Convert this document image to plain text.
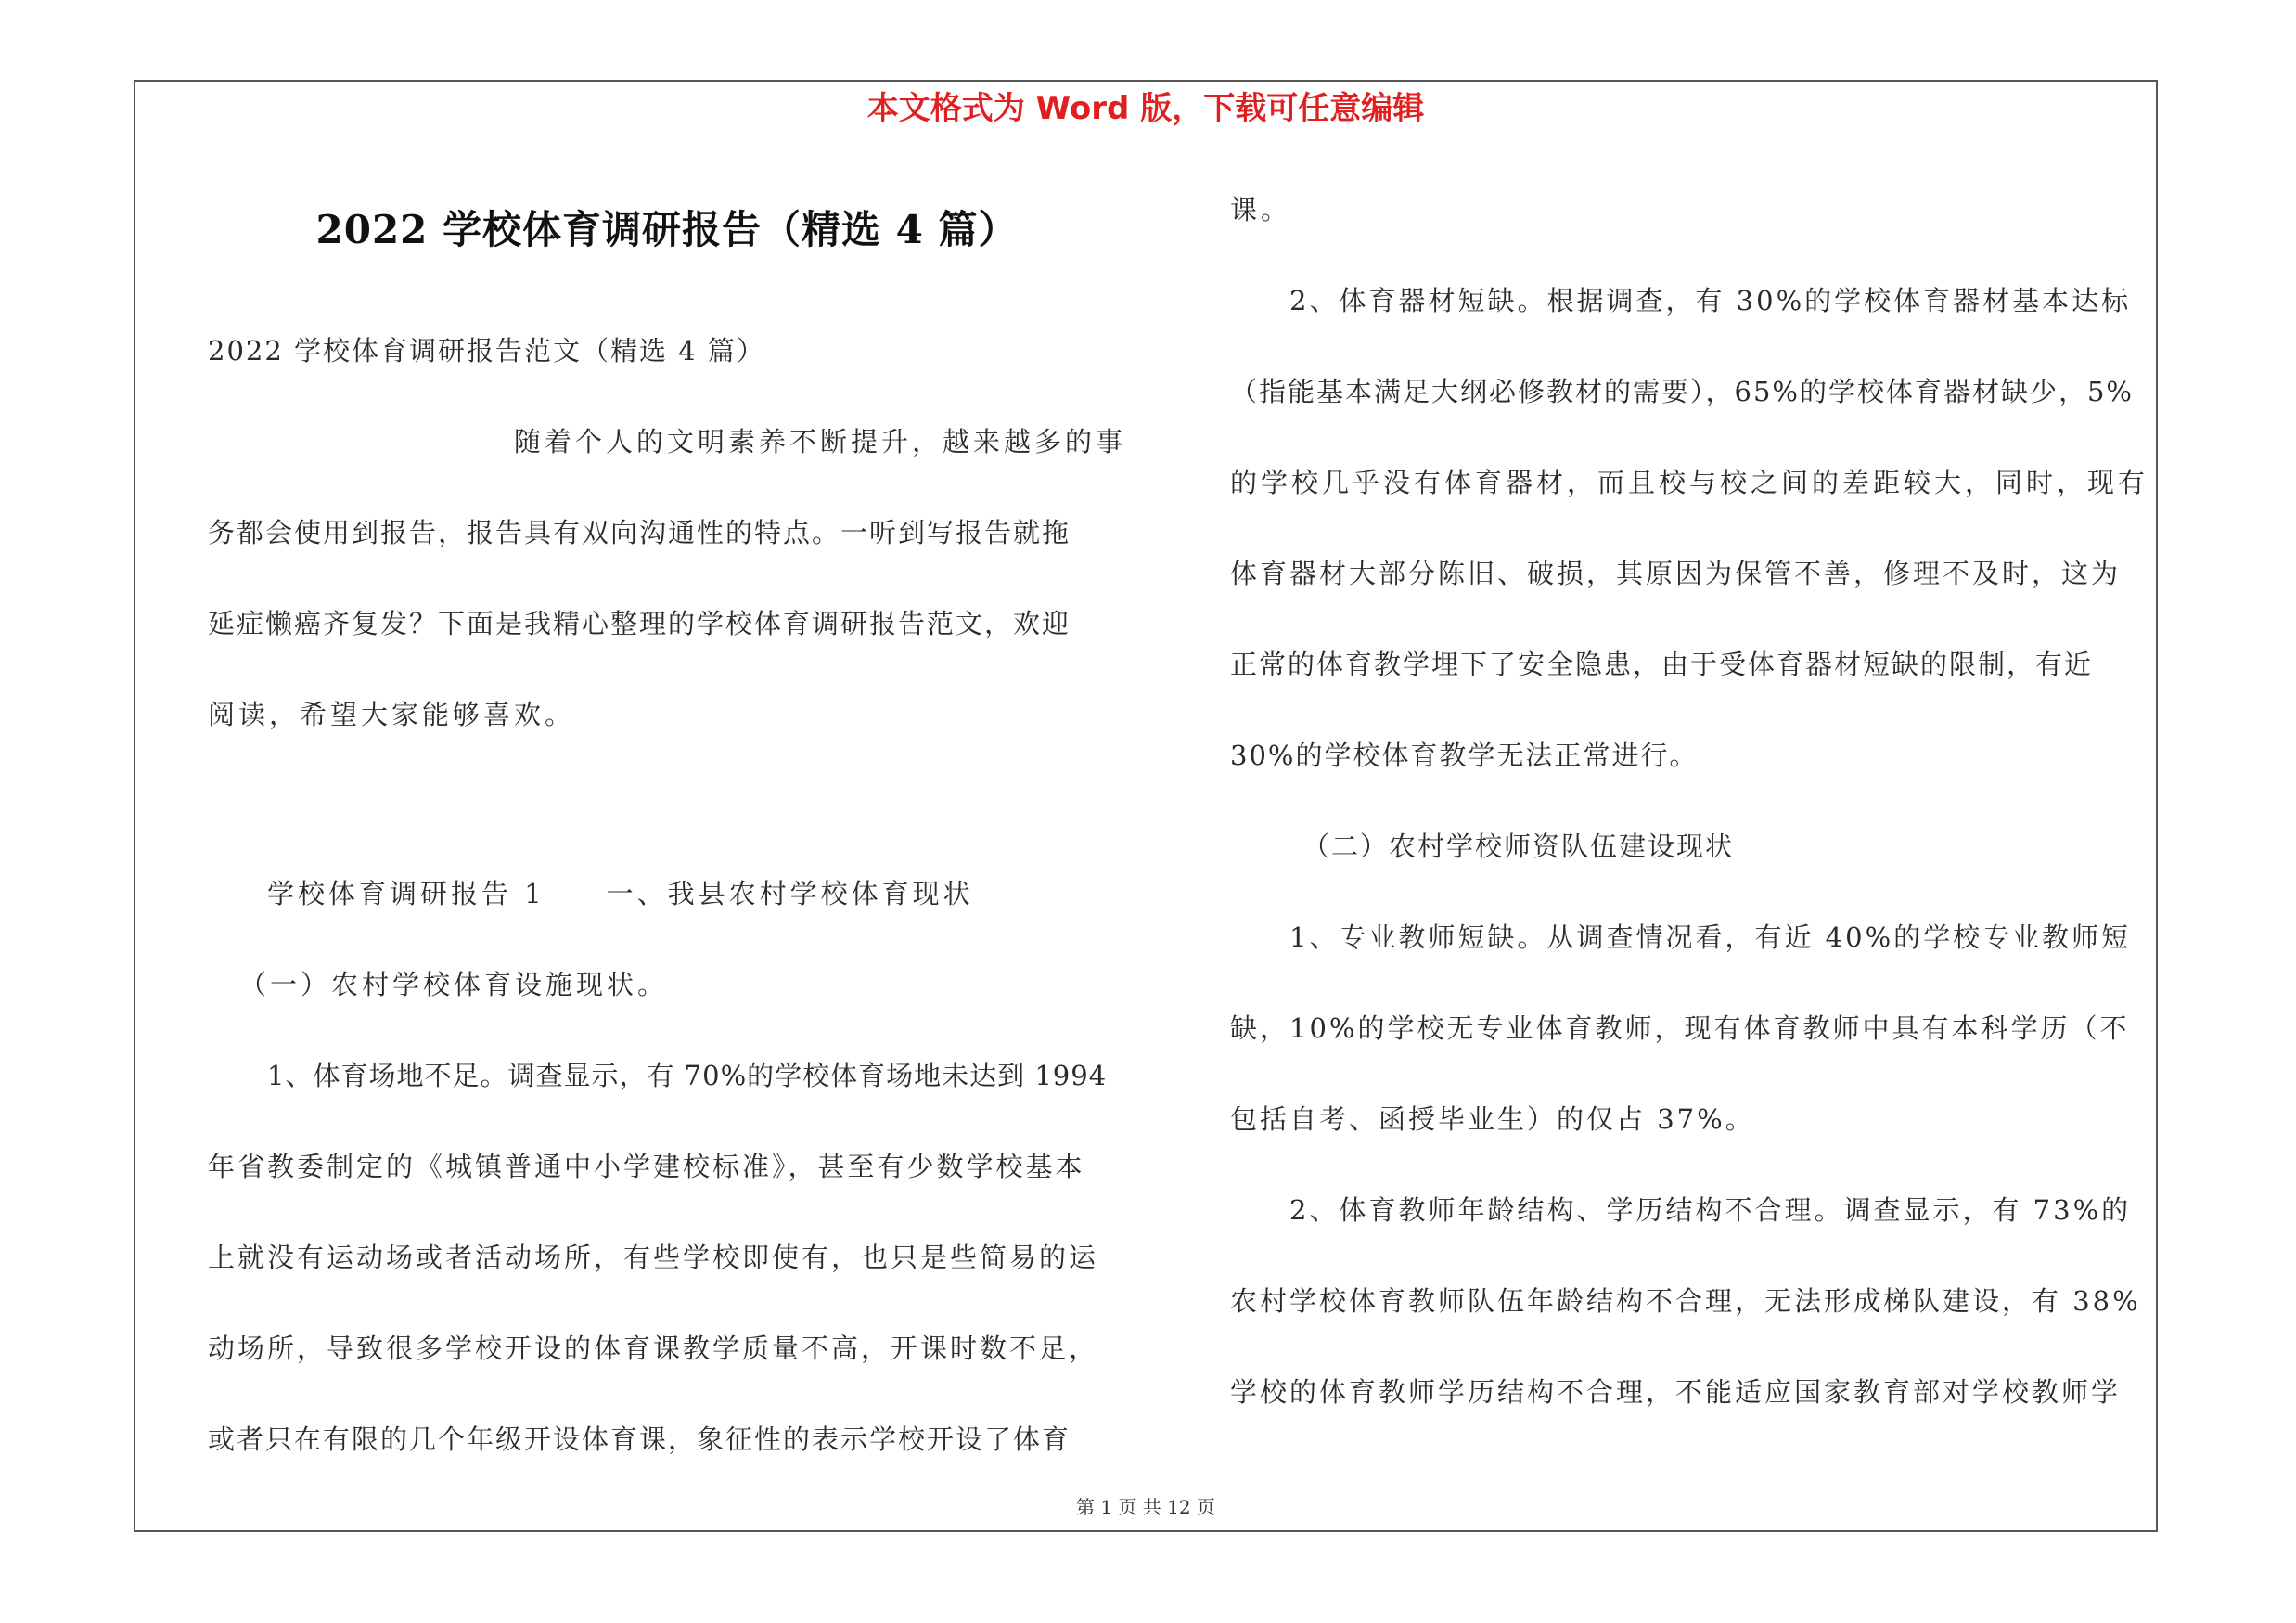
本文格式为 Word 版，下载可任意编辑
2022 学校体育调研报告（精选 4 篇）
2022 学校体育调研报告范文（精选 4 篇）
随着个人的文明素养不断提升，越来越多的事
务都会使用到报告，报告具有双向沟通性的特点。一听到写报告就拖
延症懒癌齐复发？下面是我精心整理的学校体育调研报告范文，欢迎
阅读，希望大家能够喜欢。
学校体育调研报告 1　　一、我县农村学校体育现状
（一）农村学校体育设施现状。
1、体育场地不足。调查显示，有 70%的学校体育场地未达到 1994
年省教委制定的《城镇普通中小学建校标准》，甚至有少数学校基本
上就没有运动场或者活动场所，有些学校即使有，也只是些简易的运
动场所，导致很多学校开设的体育课教学质量不高，开课时数不足，
或者只在有限的几个年级开设体育课，象征性的表示学校开设了体育
课。
2、体育器材短缺。根据调查，有 30%的学校体育器材基本达标
（指能基本满足大纲必修教材的需要），65%的学校体育器材缺少，5%
的学校几乎没有体育器材，而且校与校之间的差距较大，同时，现有
体育器材大部分陈旧、破损，其原因为保管不善，修理不及时，这为
正常的体育教学埋下了安全隐患，由于受体育器材短缺的限制，有近
30%的学校体育教学无法正常进行。
（二）农村学校师资队伍建设现状
1、专业教师短缺。从调查情况看，有近 40%的学校专业教师短
缺，10%的学校无专业体育教师，现有体育教师中具有本科学历（不
包括自考、函授毕业生）的仅占 37%。
2、体育教师年龄结构、学历结构不合理。调查显示，有 73%的
农村学校体育教师队伍年龄结构不合理，无法形成梯队建设，有 38%
学校的体育教师学历结构不合理，不能适应国家教育部对学校教师学
第 1 页 共 12 页
